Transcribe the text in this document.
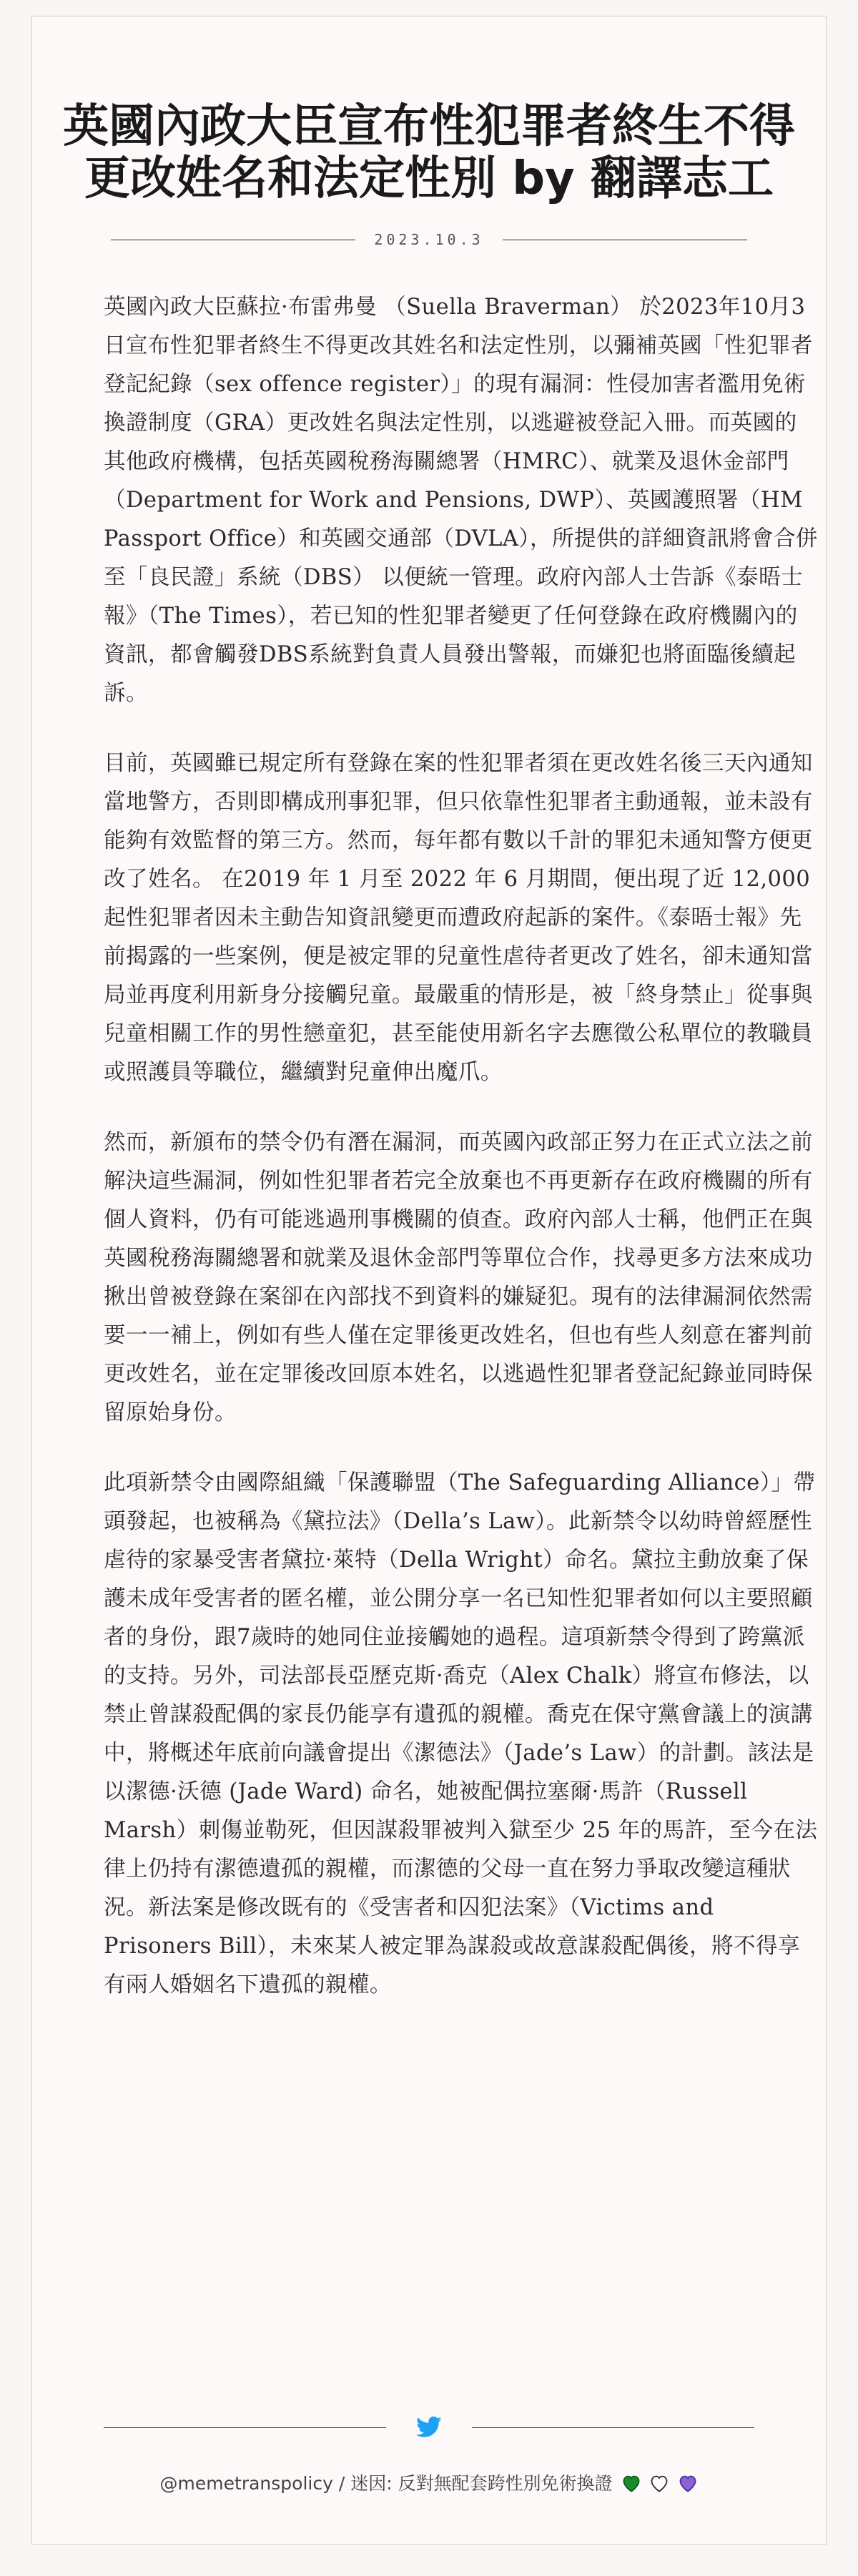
英國內政大臣宣布性犯罪者終生不得更改姓名和法定性別 by 翻譯志工
2023.10.3

英國內政大臣蘇拉·布雷弗曼 （Suella Braverman） 於2023年10月3日宣布性犯罪者終生不得更改其姓名和法定性別，以彌補英國「性犯罪者登記紀錄（sex offence register）」的現有漏洞：性侵加害者濫用免術換證制度（GRA）更改姓名與法定性別，以逃避被登記入冊。而英國的其他政府機構，包括英國稅務海關總署（HMRC）、就業及退休金部門（Department for Work and Pensions, DWP）、英國護照署（HM Passport Office）和英國交通部（DVLA），所提供的詳細資訊將會合併至「良民證」系統（DBS） 以便統一管理。政府內部人士告訴《泰晤士報》（The Times），若已知的性犯罪者變更了任何登錄在政府機關內的資訊，都會觸發DBS系統對負責人員發出警報，而嫌犯也將面臨後續起訴。

目前，英國雖已規定所有登錄在案的性犯罪者須在更改姓名後三天內通知當地警方，否則即構成刑事犯罪，但只依靠性犯罪者主動通報，並未設有能夠有效監督的第三方。然而，每年都有數以千計的罪犯未通知警方便更改了姓名。 在2019 年 1 月至 2022 年 6 月期間，便出現了近 12,000 起性犯罪者因未主動告知資訊變更而遭政府起訴的案件。《泰晤士報》先前揭露的一些案例，便是被定罪的兒童性虐待者更改了姓名，卻未通知當局並再度利用新身分接觸兒童。最嚴重的情形是，被「終身禁止」從事與兒童相關工作的男性戀童犯，甚至能使用新名字去應徵公私單位的教職員或照護員等職位，繼續對兒童伸出魔爪。

然而，新頒布的禁令仍有潛在漏洞，而英國內政部正努力在正式立法之前解決這些漏洞，例如性犯罪者若完全放棄也不再更新存在政府機關的所有個人資料，仍有可能逃過刑事機關的偵查。政府內部人士稱，他們正在與英國稅務海關總署和就業及退休金部門等單位合作，找尋更多方法來成功揪出曾被登錄在案卻在內部找不到資料的嫌疑犯。現有的法律漏洞依然需要一一補上，例如有些人僅在定罪後更改姓名，但也有些人刻意在審判前更改姓名，並在定罪後改回原本姓名，以逃過性犯罪者登記紀錄並同時保留原始身份。

此項新禁令由國際組織「保護聯盟（The Safeguarding Alliance）」帶頭發起，也被稱為《黛拉法》（Della’s Law）。此新禁令以幼時曾經歷性虐待的家暴受害者黛拉·萊特（Della Wright）命名。黛拉主動放棄了保護未成年受害者的匿名權，並公開分享一名已知性犯罪者如何以主要照顧者的身份，跟7歲時的她同住並接觸她的過程。這項新禁令得到了跨黨派的支持。另外，司法部長亞歷克斯·喬克（Alex Chalk）將宣布修法，以禁止曾謀殺配偶的家長仍能享有遺孤的親權。喬克在保守黨會議上的演講中，將概述年底前向議會提出《潔德法》（Jade’s Law）的計劃。該法是以潔德·沃德 (Jade Ward) 命名，她被配偶拉塞爾·馬許（Russell Marsh）刺傷並勒死，但因謀殺罪被判入獄至少 25 年的馬許，至今在法律上仍持有潔德遺孤的親權，而潔德的父母一直在努力爭取改變這種狀況。新法案是修改既有的《受害者和囚犯法案》（Victims and Prisoners Bill），未來某人被定罪為謀殺或故意謀殺配偶後，將不得享有兩人婚姻名下遺孤的親權。

@memetranspolicy / 迷因: 反對無配套跨性別免術換證
